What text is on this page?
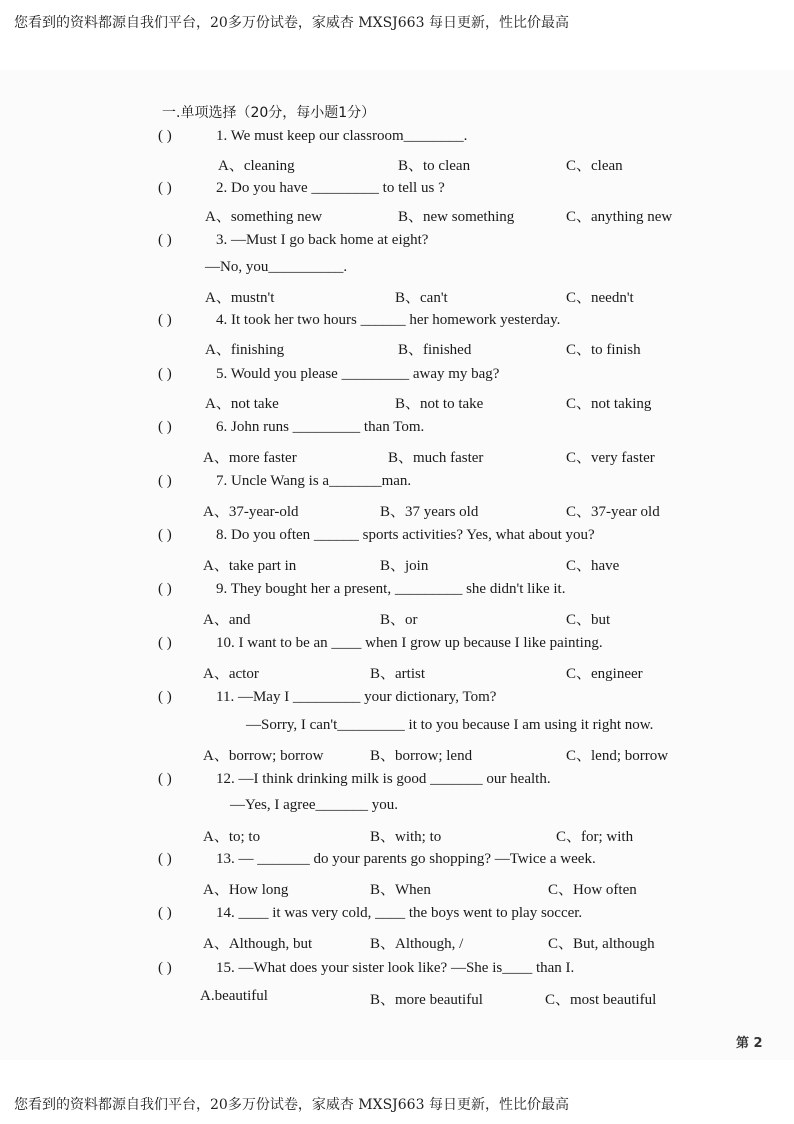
您看到的资料都源自我们平台，20多万份试卷，家威杏 MXSJ663 每日更新，性比价最高
一.单项选择（20分，每小题1分）
( )	1. We must keep our classroom________.
A、cleaning	B、to clean	C、clean
( )	2. Do you have _________ to tell us ?
A、something new	B、new something	C、anything new
( )	3. —Must I go back home at eight?
—No, you__________.
A、mustn't	B、can't	C、needn't
( )	4. It took her two hours ______ her homework yesterday.
A、finishing	B、finished	C、to finish
( )	5. Would you please _________ away my bag?
A、not take	B、not to take	C、not taking
( )	6. John runs _________ than Tom.
A、more faster	B、much faster	C、very faster
( )	7. Uncle Wang is a_______man.
A、37-year-old	B、37 years old	C、37-year old
( )	8. Do you often ______ sports activities? Yes, what about you?
A、take part in	B、join	C、have
( )	9. They bought her a present, _________ she didn't like it.
A、and	B、or	C、but
( )	10. I want to be an ____ when I grow up because I like painting.
A、actor	B、artist	C、engineer
( )	11. —May I _________ your dictionary, Tom?
—Sorry, I can't_________ it to you because I am using it right now.
A、borrow; borrow	B、borrow; lend	C、lend; borrow
( )	12. —I think drinking milk is good _______ our health.
—Yes, I agree_______ you.
A、to; to	B、with; to	C、for; with
( )	13. — _______ do your parents go shopping? —Twice a week.
A、How long	B、When	C、How often
( )	14. ____ it was very cold, ____ the boys went to play soccer.
A、Although, but	B、Although, /	C、But, although
( )	15. —What does your sister look like? —She is____ than I.
A.beautiful	B、more beautiful	C、most beautiful
第 2
您看到的资料都源自我们平台，20多万份试卷，家威杏 MXSJ663 每日更新，性比价最高
